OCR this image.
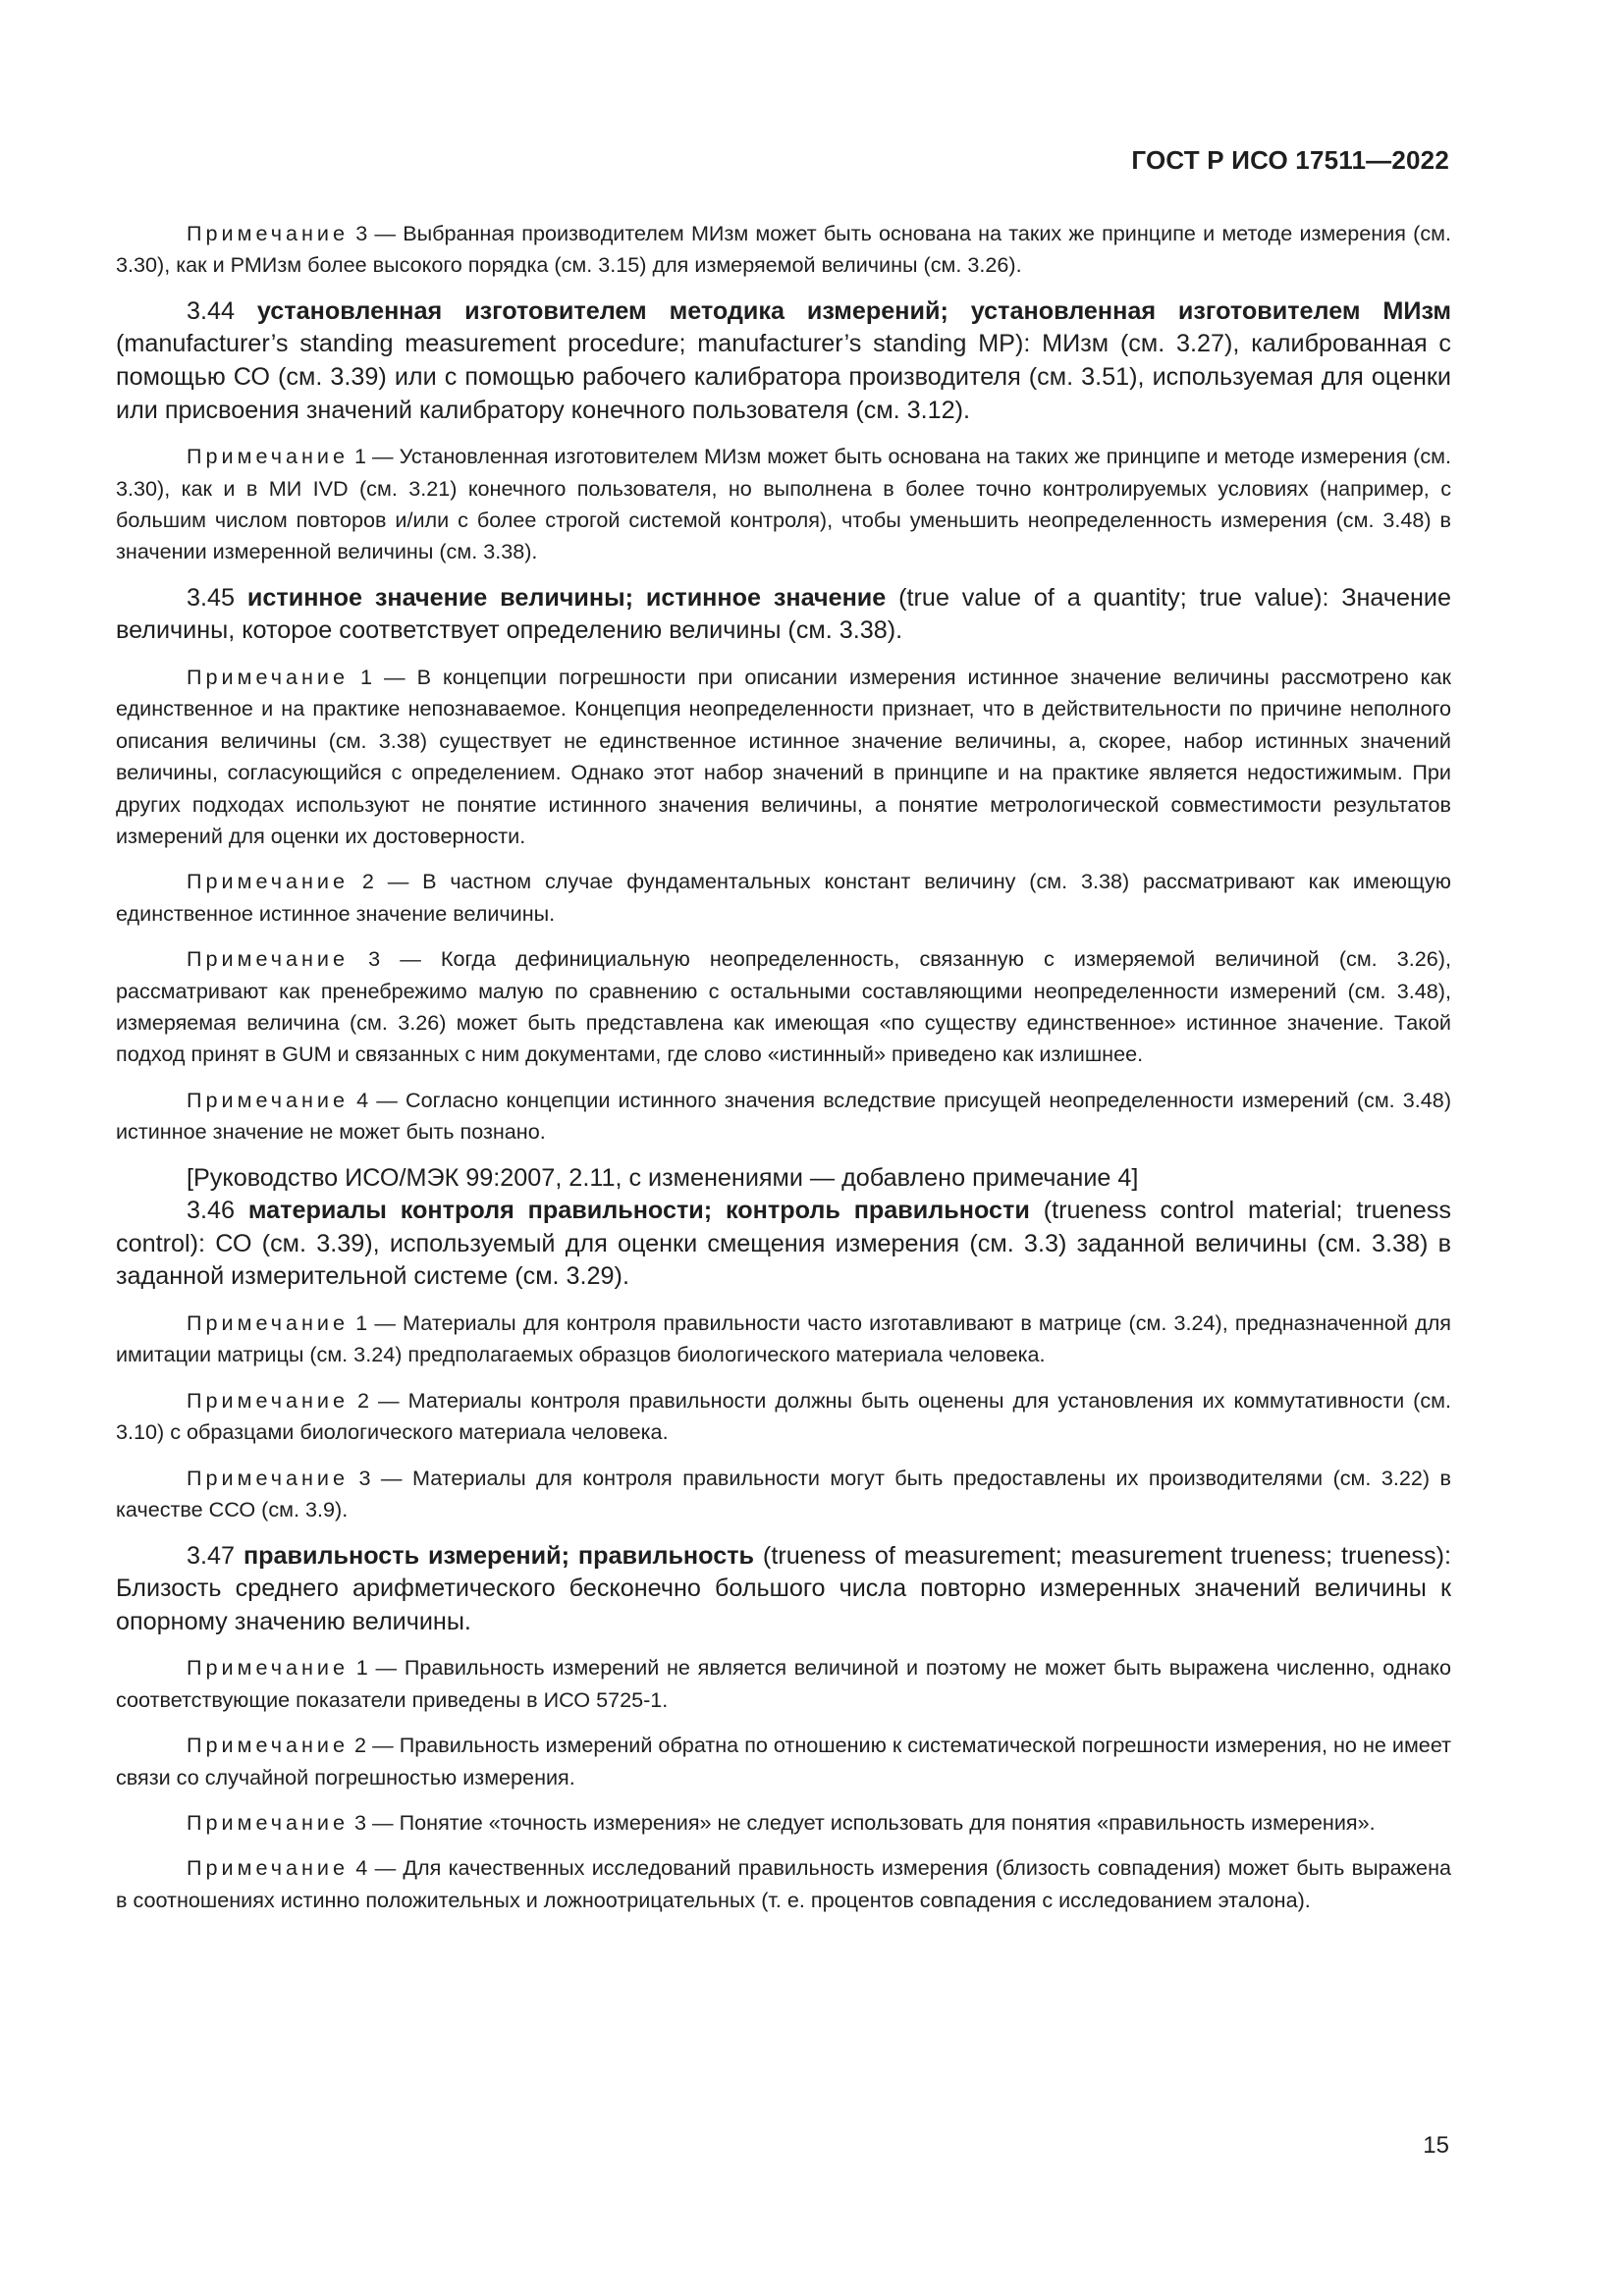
ГОСТ Р ИСО 17511—2022

Примечание 3 — Выбранная производителем МИзм может быть основана на таких же принципе и методе измерения (см. 3.30), как и РМИзм более высокого порядка (см. 3.15) для измеряемой величины (см. 3.26).

3.44 установленная изготовителем методика измерений; установленная изготовителем МИзм (manufacturer’s standing measurement procedure; manufacturer’s standing MP): МИзм (см. 3.27), калиброванная с помощью СО (см. 3.39) или с помощью рабочего калибратора производителя (см. 3.51), используемая для оценки или присвоения значений калибратору конечного пользователя (см. 3.12).

Примечание 1 — Установленная изготовителем МИзм может быть основана на таких же принципе и методе измерения (см. 3.30), как и в МИ IVD (см. 3.21) конечного пользователя, но выполнена в более точно контролируемых условиях (например, с большим числом повторов и/или с более строгой системой контроля), чтобы уменьшить неопределенность измерения (см. 3.48) в значении измеренной величины (см. 3.38).

3.45 истинное значение величины; истинное значение (true value of a quantity; true value): Значение величины, которое соответствует определению величины (см. 3.38).

Примечание 1 — В концепции погрешности при описании измерения истинное значение величины рассмотрено как единственное и на практике непознаваемое. Концепция неопределенности признает, что в действительности по причине неполного описания величины (см. 3.38) существует не единственное истинное значение величины, а, скорее, набор истинных значений величины, согласующийся с определением. Однако этот набор значений в принципе и на практике является недостижимым. При других подходах используют не понятие истинного значения величины, а понятие метрологической совместимости результатов измерений для оценки их достоверности.

Примечание 2 — В частном случае фундаментальных констант величину (см. 3.38) рассматривают как имеющую единственное истинное значение величины.

Примечание 3 — Когда дефинициальную неопределенность, связанную с измеряемой величиной (см. 3.26), рассматривают как пренебрежимо малую по сравнению с остальными составляющими неопределенности измерений (см. 3.48), измеряемая величина (см. 3.26) может быть представлена как имеющая «по существу единственное» истинное значение. Такой подход принят в GUM и связанных с ним документами, где слово «истинный» приведено как излишнее.

Примечание 4 — Согласно концепции истинного значения вследствие присущей неопределенности измерений (см. 3.48) истинное значение не может быть познано.

[Руководство ИСО/МЭК 99:2007, 2.11, с изменениями — добавлено примечание 4]

3.46 материалы контроля правильности; контроль правильности (trueness control material; trueness control): СО (см. 3.39), используемый для оценки смещения измерения (см. 3.3) заданной величины (см. 3.38) в заданной измерительной системе (см. 3.29).

Примечание 1 — Материалы для контроля правильности часто изготавливают в матрице (см. 3.24), предназначенной для имитации матрицы (см. 3.24) предполагаемых образцов биологического материала человека.

Примечание 2 — Материалы контроля правильности должны быть оценены для установления их коммутативности (см. 3.10) с образцами биологического материала человека.

Примечание 3 — Материалы для контроля правильности могут быть предоставлены их производителями (см. 3.22) в качестве ССО (см. 3.9).

3.47 правильность измерений; правильность (trueness of measurement; measurement trueness; trueness): Близость среднего арифметического бесконечно большого числа повторно измеренных значений величины к опорному значению величины.

Примечание 1 — Правильность измерений не является величиной и поэтому не может быть выражена численно, однако соответствующие показатели приведены в ИСО 5725-1.

Примечание 2 — Правильность измерений обратна по отношению к систематической погрешности измерения, но не имеет связи со случайной погрешностью измерения.

Примечание 3 — Понятие «точность измерения» не следует использовать для понятия «правильность измерения».

Примечание 4 — Для качественных исследований правильность измерения (близость совпадения) может быть выражена в соотношениях истинно положительных и ложноотрицательных (т. е. процентов совпадения с исследованием эталона).

15
